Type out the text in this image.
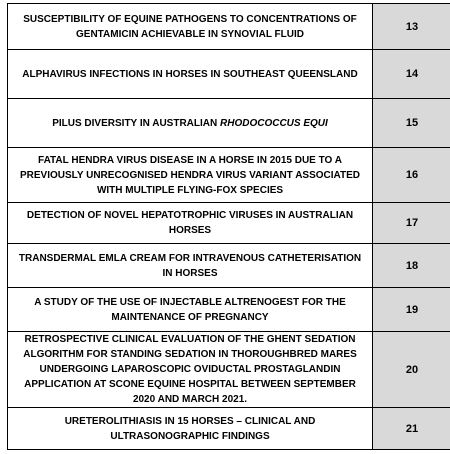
SUSCEPTIBILITY OF EQUINE PATHOGENS TO CONCENTRATIONS OF GENTAMICIN ACHIEVABLE IN SYNOVIAL FLUID	13
ALPHAVIRUS INFECTIONS IN HORSES IN SOUTHEAST QUEENSLAND	14
PILUS DIVERSITY IN AUSTRALIAN RHODOCOCCUS EQUI	15
FATAL HENDRA VIRUS DISEASE IN A HORSE IN 2015 DUE TO A PREVIOUSLY UNRECOGNISED HENDRA VIRUS VARIANT ASSOCIATED WITH MULTIPLE FLYING-FOX SPECIES	16
DETECTION OF NOVEL HEPATOTROPHIC VIRUSES IN AUSTRALIAN HORSES	17
TRANSDERMAL EMLA CREAM FOR INTRAVENOUS CATHETERISATION IN HORSES	18
A STUDY OF THE USE OF INJECTABLE ALTRENOGEST FOR THE MAINTENANCE OF PREGNANCY	19
RETROSPECTIVE CLINICAL EVALUATION OF THE GHENT SEDATION ALGORITHM FOR STANDING SEDATION IN THOROUGHBRED MARES UNDERGOING LAPAROSCOPIC OVIDUCTAL PROSTAGLANDIN APPLICATION AT SCONE EQUINE HOSPITAL BETWEEN SEPTEMBER 2020 AND MARCH 2021.	20
URETEROLITHIASIS IN 15 HORSES – CLINICAL AND ULTRASONOGRAPHIC FINDINGS	21
